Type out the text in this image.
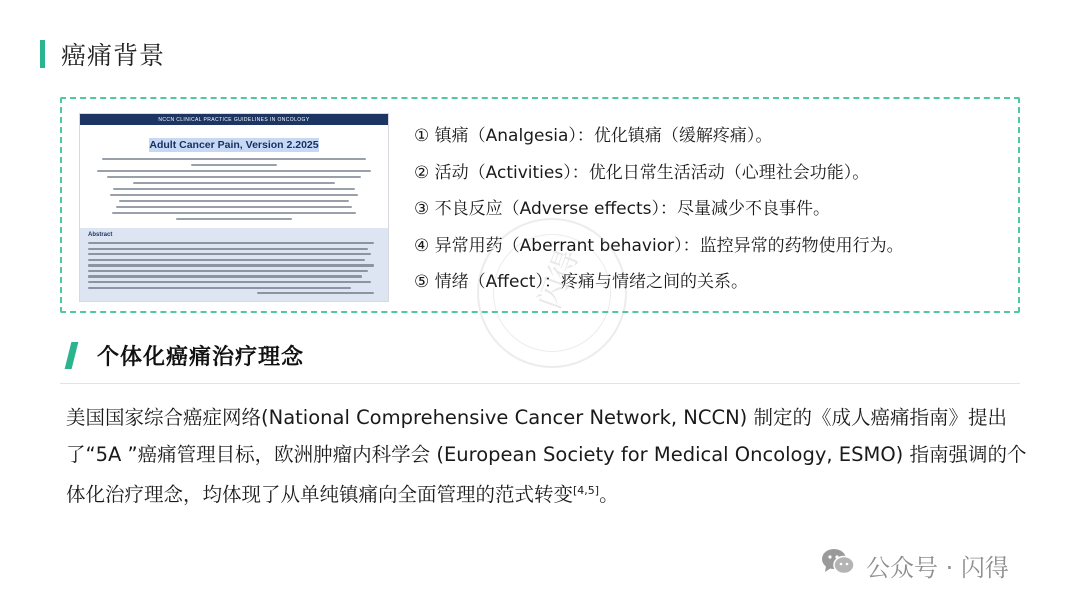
癌痛背景
NCCN CLINICAL PRACTICE GUIDELINES IN ONCOLOGY
Adult Cancer Pain, Version 2.2025
Abstract
① 镇痛（Analgesia）：优化镇痛（缓解疼痛）。
② 活动（Activities）：优化日常生活活动（心理社会功能）。
③ 不良反应（Adverse effects）：尽量减少不良事件。
④ 异常用药（Aberrant behavior）：监控异常的药物使用行为。
⑤ 情绪（Affect）：疼痛与情绪之间的关系。
闪得
个体化癌痛治疗理念

美国国家综合癌症网络(National Comprehensive Cancer Network, NCCN) 制定的《成人癌痛指南》提出了“5A ”癌痛管理目标，欧洲肿瘤内科学会 (European Society for Medical Oncology, ESMO) 指南强调的个体化治疗理念，均体现了从单纯镇痛向全面管理的范式转变[4,5]。

公众号 · 闪得
